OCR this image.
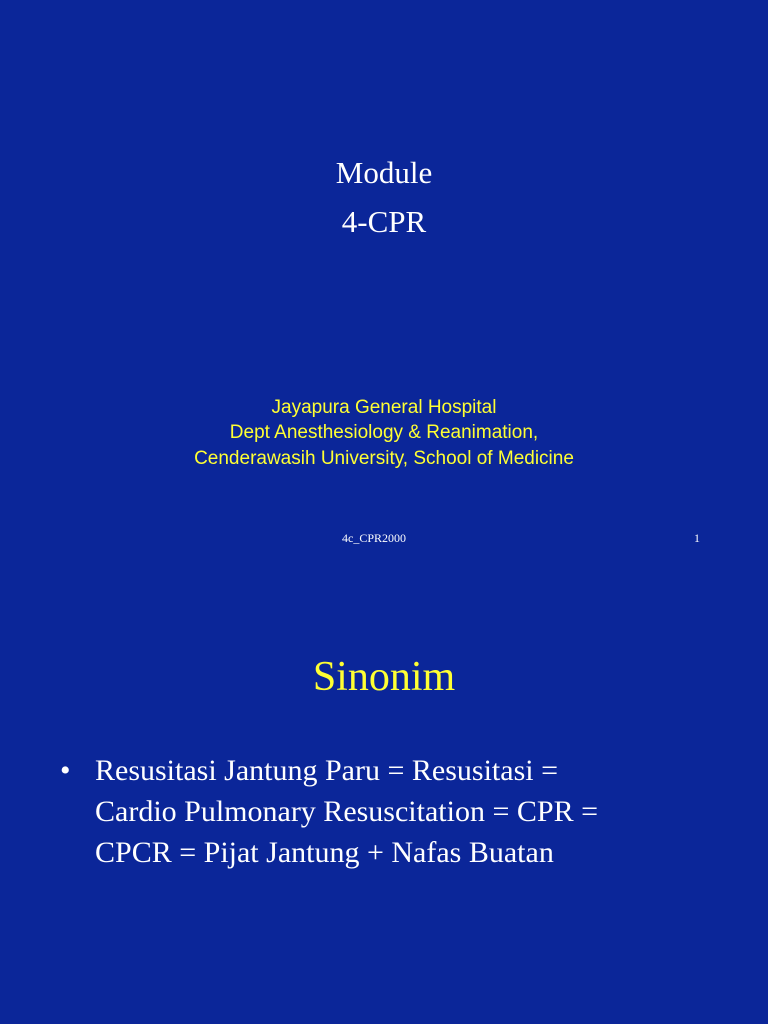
Module
4-CPR
Jayapura General Hospital
Dept Anesthesiology & Reanimation,
Cenderawasih University, School of Medicine
4c_CPR2000	1
Sinonim
• Resusitasi Jantung Paru = Resusitasi =
Cardio Pulmonary Resuscitation = CPR =
CPCR = Pijat Jantung + Nafas Buatan
